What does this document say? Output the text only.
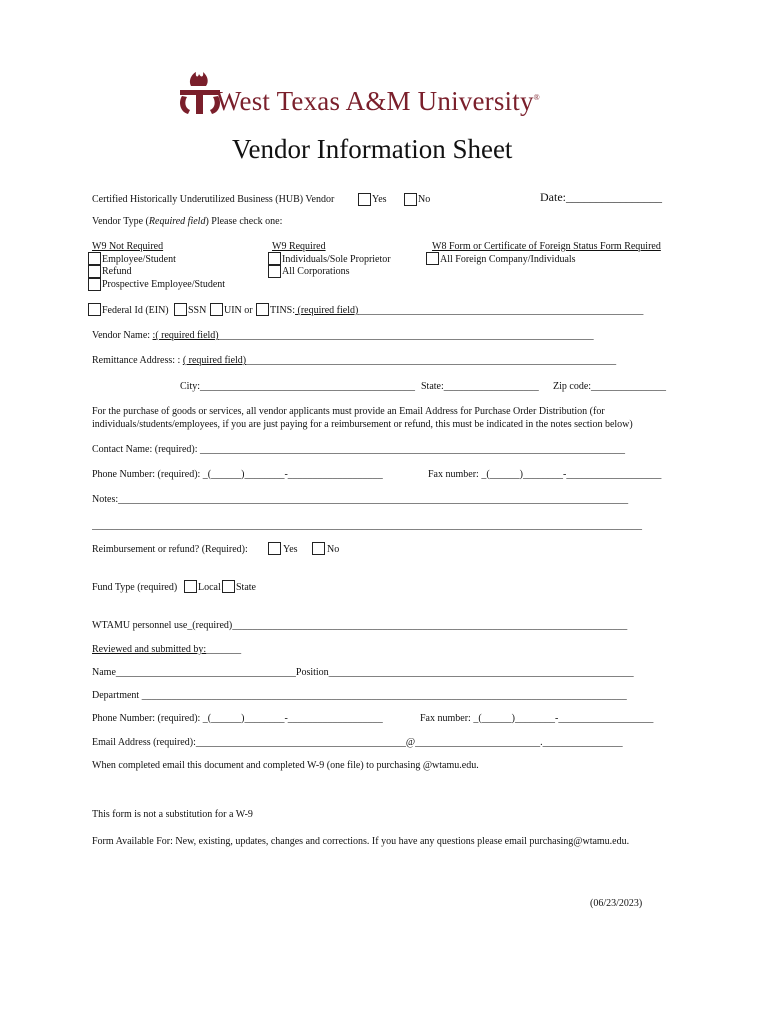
West Texas A&M University®
Vendor Information Sheet
Certified Historically Underutilized Business (HUB) Vendor	Yes	No	Date:________________
Vendor Type (Required field) Please check one:
W9 Not Required
Employee/Student
Refund
Prospective Employee/Student
W9 Required
Individuals/Sole Proprietor
All Corporations
W8 Form or Certificate of Foreign Status Form Required
All Foreign Company/Individuals
Federal Id (EIN) SSN UIN or TINS: (required field)_________________________________________________________
Vendor Name: :( required field)___________________________________________________________________________
Remittance Address: : ( required field)__________________________________________________________________________
City:___________________________________________ State:___________________ Zip code:_______________
For the purchase of goods or services, all vendor applicants must provide an Email Address for Purchase Order Distribution (for
individuals/students/employees, if you are just paying for a reimbursement or refund, this must be indicated in the notes section below)
Contact Name: (required): _____________________________________________________________________________________
Phone Number: (required): _(______)________-___________________	Fax number: _(______)________-___________________
Notes:______________________________________________________________________________________________________
______________________________________________________________________________________________________________
Reimbursement or refund? (Required):	Yes	No
Fund Type (required) Local State
WTAMU personnel use_(required)_______________________________________________________________________________
Reviewed and submitted by:_______
Name____________________________________Position_____________________________________________________________
Department _________________________________________________________________________________________________
Phone Number: (required): _(______)________-___________________	Fax number: _(______)________-___________________
Email Address (required):__________________________________________@_________________________.________________
When completed email this document and completed W-9 (one file) to purchasing @wtamu.edu.
This form is not a substitution for a W-9
Form Available For: New, existing, updates, changes and corrections. If you have any questions please email purchasing@wtamu.edu.
(06/23/2023)
